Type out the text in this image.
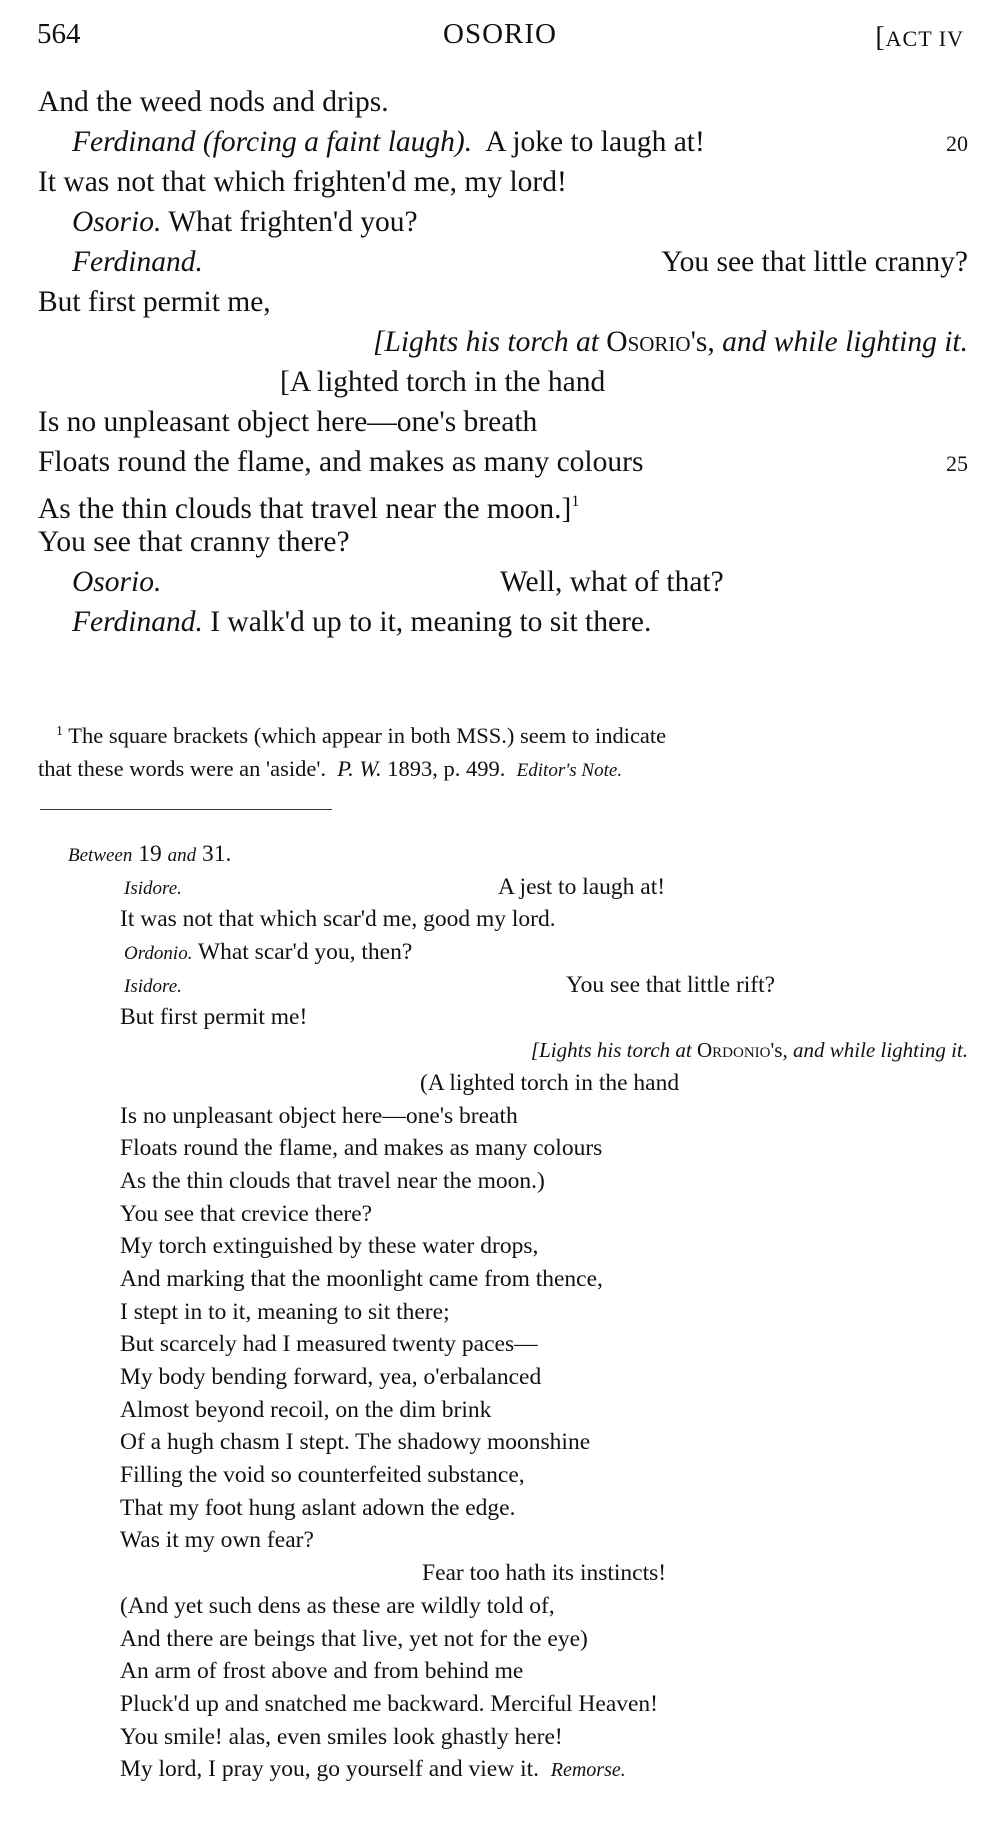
564	OSORIO	[ACT IV
And the weed nods and drips.
Ferdinand (forcing a faint laugh). A joke to laugh at!	20
It was not that which frighten'd me, my lord!
Osorio. What frighten'd you?
Ferdinand.	You see that little cranny?
But first permit me,
[Lights his torch at Osorio's, and while lighting it.
[A lighted torch in the hand
Is no unpleasant object here—one's breath
Floats round the flame, and makes as many colours	25
As the thin clouds that travel near the moon.]$^1$
You see that cranny there?
Osorio.	Well, what of that?
Ferdinand. I walk'd up to it, meaning to sit there.
$^1$ The square brackets (which appear in both MSS.) seem to indicate
that these words were an 'aside'. P. W. 1893, p. 499. Editor's Note.
Between 19 and 31.
Isidore.	A jest to laugh at!
It was not that which scar'd me, good my lord.
Ordonio. What scar'd you, then?
Isidore.	You see that little rift?
But first permit me!
[Lights his torch at Ordonio's, and while lighting it.
(A lighted torch in the hand
Is no unpleasant object here—one's breath
Floats round the flame, and makes as many colours
As the thin clouds that travel near the moon.)
You see that crevice there?
My torch extinguished by these water drops,
And marking that the moonlight came from thence,
I stept in to it, meaning to sit there;
But scarcely had I measured twenty paces—
My body bending forward, yea, o'erbalanced
Almost beyond recoil, on the dim brink
Of a hugh chasm I stept. The shadowy moonshine
Filling the void so counterfeited substance,
That my foot hung aslant adown the edge.
Was it my own fear?
Fear too hath its instincts!
(And yet such dens as these are wildly told of,
And there are beings that live, yet not for the eye)
An arm of frost above and from behind me
Pluck'd up and snatched me backward. Merciful Heaven!
You smile! alas, even smiles look ghastly here!
My lord, I pray you, go yourself and view it. Remorse.
